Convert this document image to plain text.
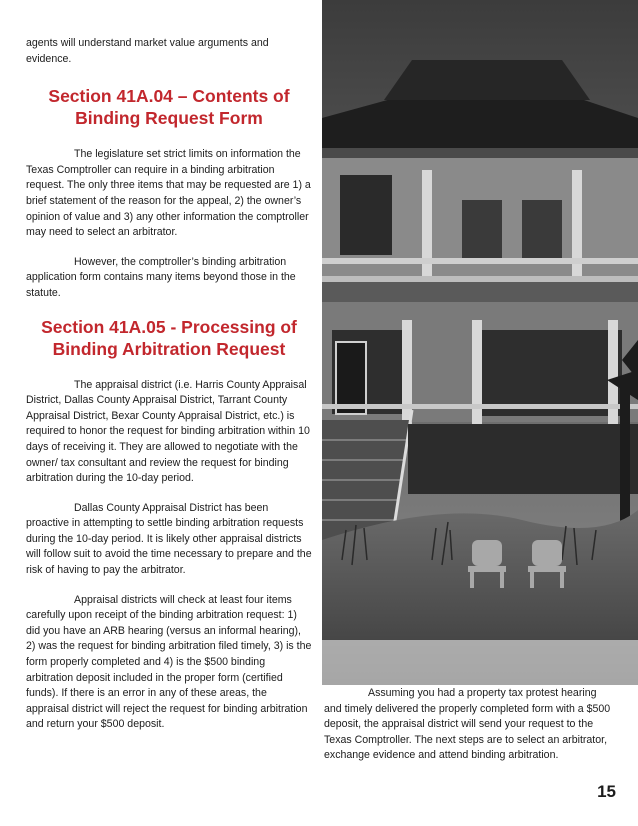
agents will understand market value arguments and evidence.

Section 41A.04 – Contents of
Binding Request Form

The legislature set strict limits on information the Texas Comptroller can require in a binding arbitration request. The only three items that may be requested are 1) a brief statement of the reason for the appeal, 2) the owner’s opinion of value and 3) any other information the comptroller may need to select an arbitrator.

However, the comptroller’s binding arbitration application form contains many items beyond those in the statute.

Section 41A.05 - Processing of
Binding Arbitration Request

The appraisal district (i.e. Harris County Appraisal District, Dallas County Appraisal District, Tarrant County Appraisal District, Bexar County Appraisal District, etc.) is required to honor the request for binding arbitration within 10 days of receiving it. They are allowed to negotiate with the owner/ tax consultant and review the request for binding arbitration during the 10-day period.

Dallas County Appraisal District has been proactive in attempting to settle binding arbitration requests during the 10-day period. It is likely other appraisal districts will follow suit to avoid the time necessary to prepare and the risk of having to pay the arbitrator.

Appraisal districts will check at least four items carefully upon receipt of the binding arbitration request: 1) did you have an ARB hearing (versus an informal hearing), 2) was the request for binding arbitration filed timely, 3) is the form properly completed and 4) is the $500 binding arbitration deposit included in the proper form (certified funds). If there is an error in any of these areas, the appraisal district will reject the request for binding arbitration and return your $500 deposit.

Assuming you had a property tax protest hearing and timely delivered the properly completed form with a $500 deposit, the appraisal district will send your request to the Texas Comptroller. The next steps are to select an arbitrator, exchange evidence and attend binding arbitration.

15
